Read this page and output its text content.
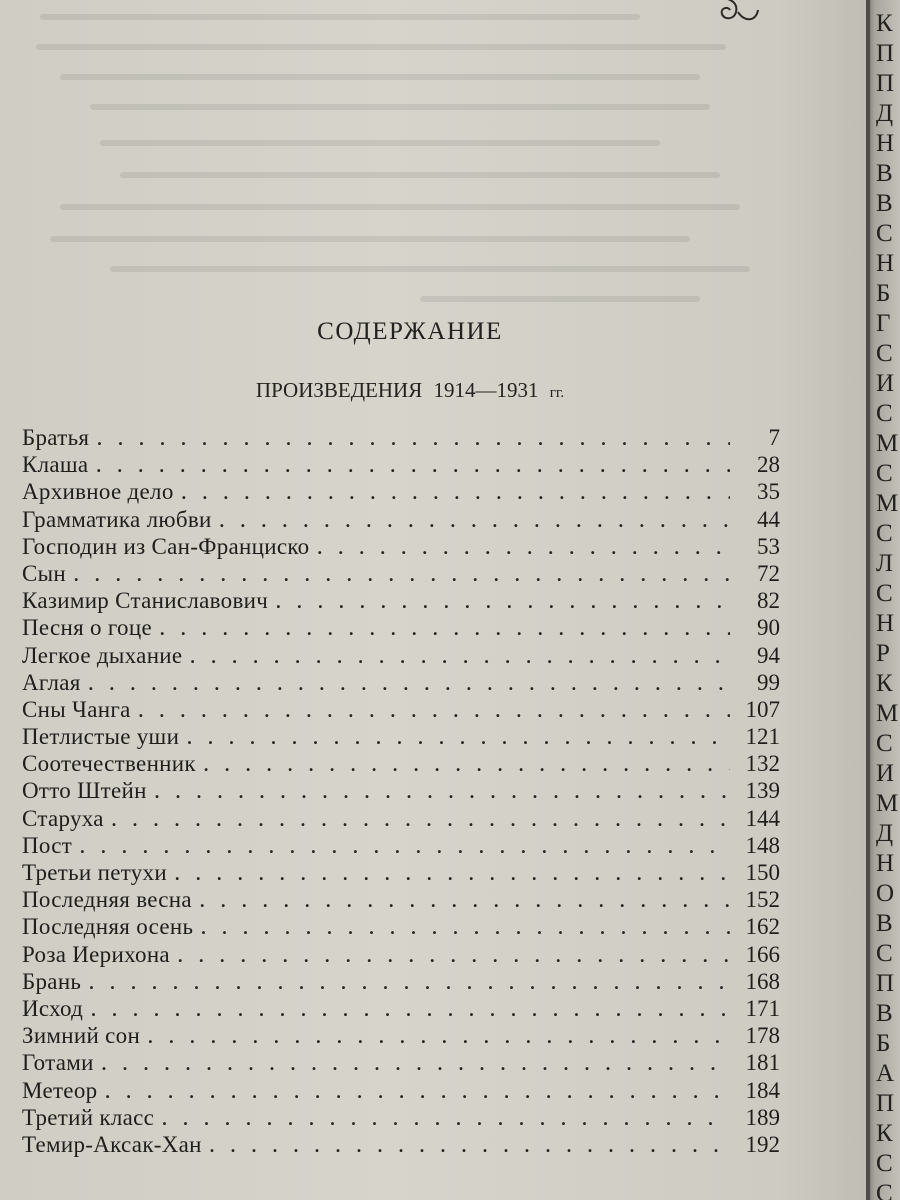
СОДЕРЖАНИЕ
ПРОИЗВЕДЕНИЯ 1914—1931 гг.
Братья . . .	7
Клаша . . .	28
Архивное дело . . .	35
Грамматика любви . . .	44
Господин из Сан-Франциско . . .	53
Сын . . .	72
Казимир Станиславович . . .	82
Песня о гоце . . .	90
Легкое дыхание . . .	94
Аглая . . .	99
Сны Чанга . . .	107
Петлистые уши . . .	121
Соотечественник . . .	132
Отто Штейн . . .	139
Старуха . . .	144
Пост . . .	148
Третьи петухи . . .	150
Последняя весна . . .	152
Последняя осень . . .	162
Роза Иерихона . . .	166
Брань . . .	168
Исход . . .	171
Зимний сон . . .	178
Готами . . .	181
Метеор . . .	184
Третий класс . . .	189
Темир-Аксак-Хан . . .	192
К
П
П
Д
Н
В
В
С
Н
Б
Г
С
И
С
М
С
М
С
Л
С
Н
Р
К
М
С
И
М
Д
Н
О
В
С
П
В
Б
А
П
К
С
С
